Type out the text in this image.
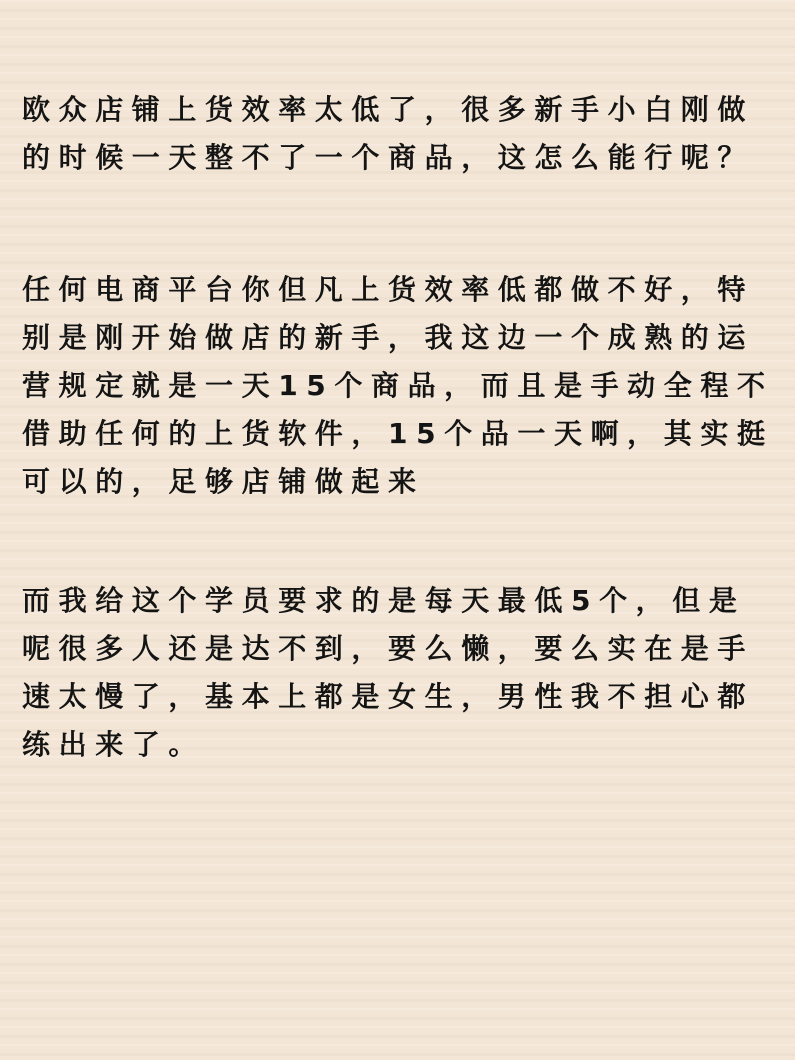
欧众店铺上货效率太低了，很多新手小白刚做的时候一天整不了一个商品，这怎么能行呢？

任何电商平台你但凡上货效率低都做不好，特别是刚开始做店的新手，我这边一个成熟的运营规定就是一天15个商品，而且是手动全程不借助任何的上货软件，15个品一天啊，其实挺可以的，足够店铺做起来

而我给这个学员要求的是每天最低5个，但是呢很多人还是达不到，要么懒，要么实在是手速太慢了，基本上都是女生，男性我不担心都练出来了。
